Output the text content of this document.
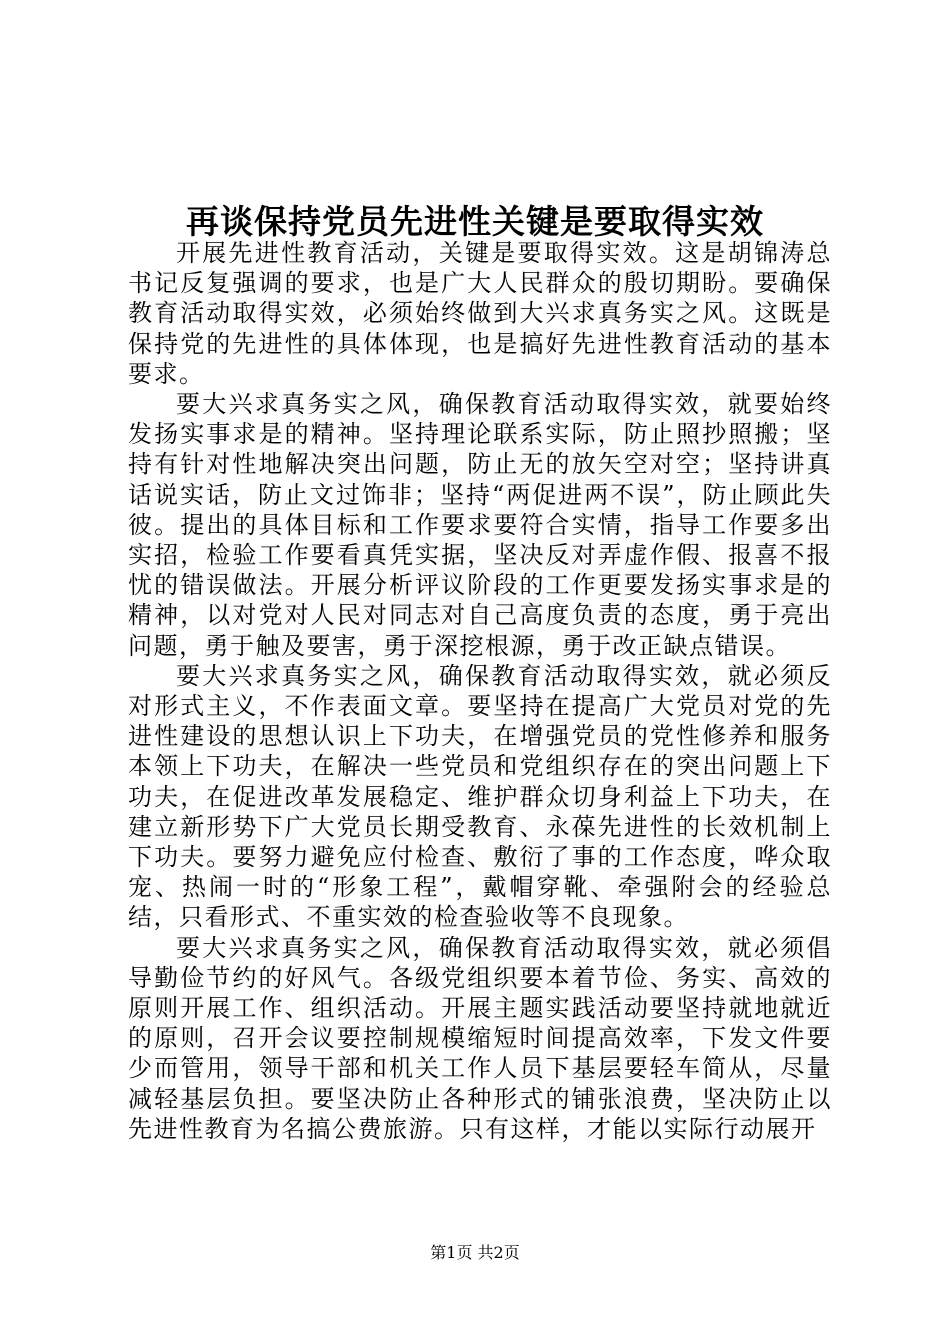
再谈保持党员先进性关键是要取得实效

开展先进性教育活动，关键是要取得实效。这是胡锦涛总书记反复强调的要求，也是广大人民群众的殷切期盼。要确保教育活动取得实效，必须始终做到大兴求真务实之风。这既是保持党的先进性的具体体现，也是搞好先进性教育活动的基本要求。

要大兴求真务实之风，确保教育活动取得实效，就要始终发扬实事求是的精神。坚持理论联系实际，防止照抄照搬；坚持有针对性地解决突出问题，防止无的放矢空对空；坚持讲真话说实话，防止文过饰非；坚持“两促进两不误”，防止顾此失彼。提出的具体目标和工作要求要符合实情，指导工作要多出实招，检验工作要看真凭实据，坚决反对弄虚作假、报喜不报忧的错误做法。开展分析评议阶段的工作更要发扬实事求是的精神，以对党对人民对同志对自己高度负责的态度，勇于亮出问题，勇于触及要害，勇于深挖根源，勇于改正缺点错误。

要大兴求真务实之风，确保教育活动取得实效，就必须反对形式主义，不作表面文章。要坚持在提高广大党员对党的先进性建设的思想认识上下功夫，在增强党员的党性修养和服务本领上下功夫，在解决一些党员和党组织存在的突出问题上下功夫，在促进改革发展稳定、维护群众切身利益上下功夫，在建立新形势下广大党员长期受教育、永葆先进性的长效机制上下功夫。要努力避免应付检查、敷衍了事的工作态度，哗众取宠、热闹一时的“形象工程”，戴帽穿靴、牵强附会的经验总结，只看形式、不重实效的检查验收等不良现象。

要大兴求真务实之风，确保教育活动取得实效，就必须倡导勤俭节约的好风气。各级党组织要本着节俭、务实、高效的原则开展工作、组织活动。开展主题实践活动要坚持就地就近的原则，召开会议要控制规模缩短时间提高效率，下发文件要少而管用，领导干部和机关工作人员下基层要轻车简从，尽量减轻基层负担。要坚决防止各种形式的铺张浪费，坚决防止以先进性教育为名搞公费旅游。只有这样，才能以实际行动展开

第1页 共2页
